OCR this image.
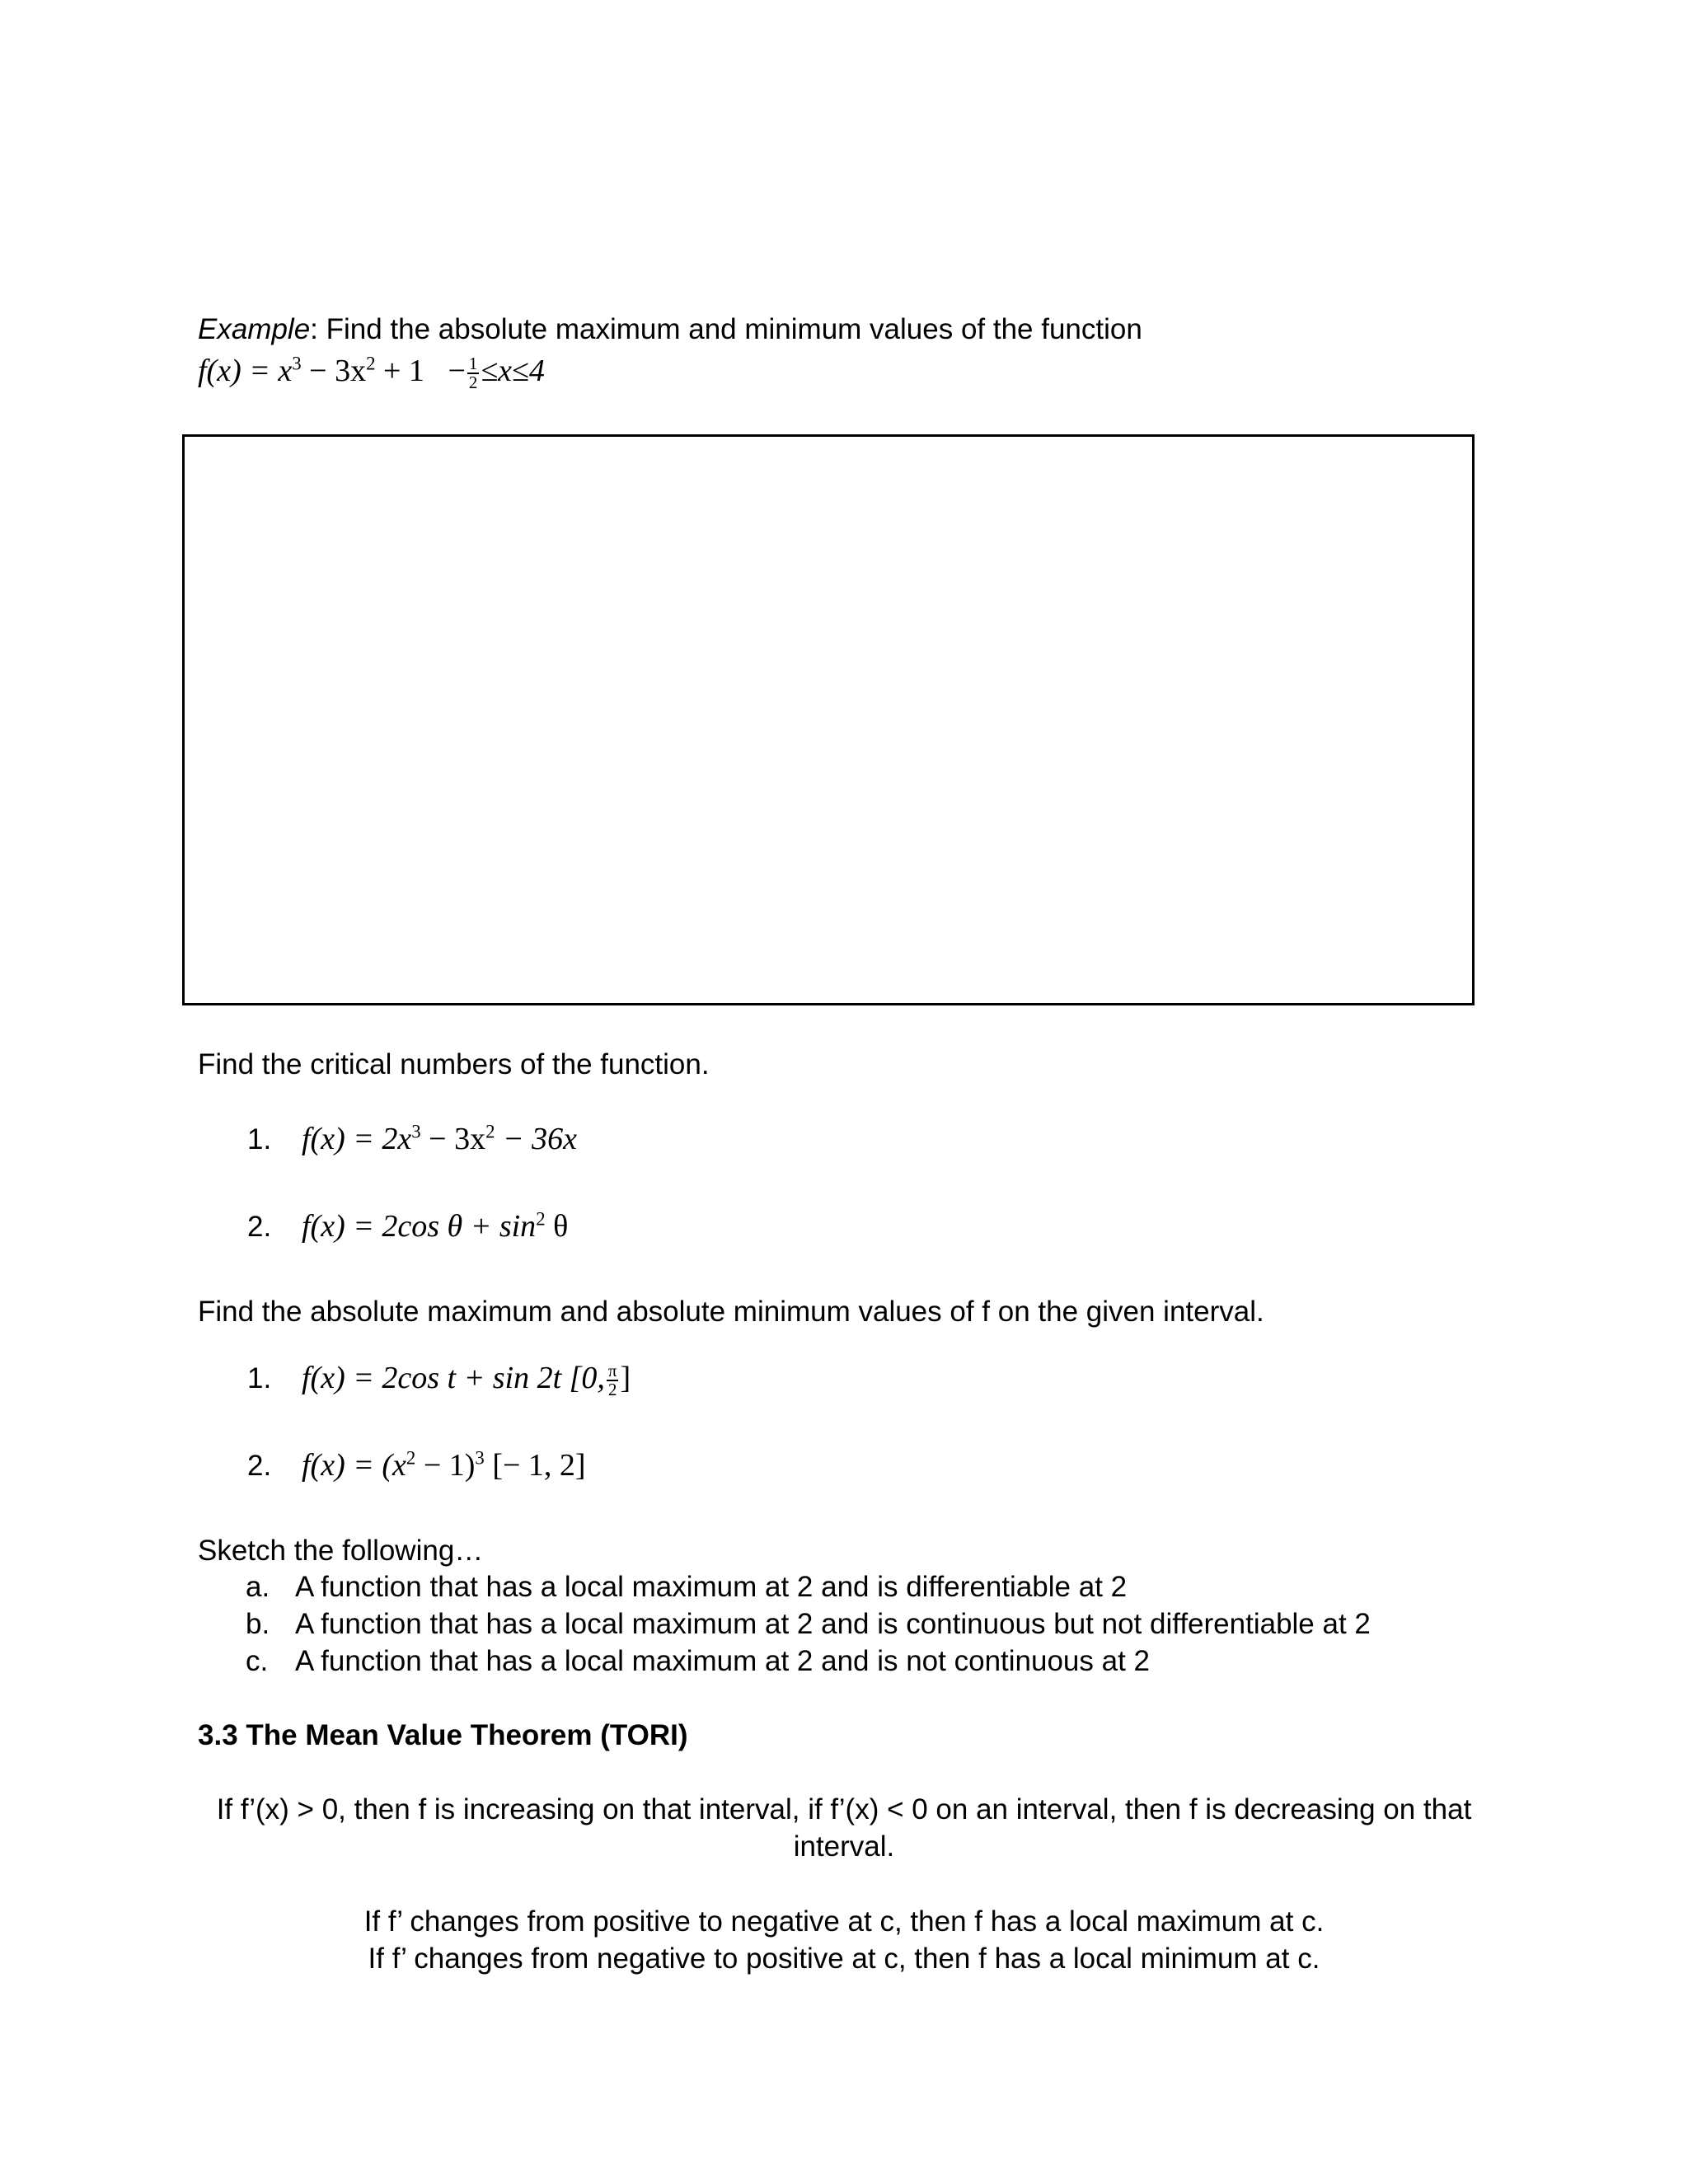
Example: Find the absolute maximum and minimum values of the function
$f(x) = x^3 - 3x^2 + 1 - \frac{1}{2} \le x\le 4$
Find the critical numbers of the function.
1. $f(x) = 2x^3 - 3x^2 - 36x$
2. f(x) = 2cos $\theta + \sin^2 \theta$
Find the absolute maximum and absolute minimum values of f on the given interval.
1. f(x) = 2cos t + sin 2t [0, $\frac{\pi}{2}$ ]
2. $f(x) = (x^2 - 1)^3$ [− 1, 2]
Sketch the following…
a. A function that has a local maximum at 2 and is differentiable at 2
b. A function that has a local maximum at 2 and is continuous but not differentiable at 2
c. A function that has a local maximum at 2 and is not continuous at 2
3.3 The Mean Value Theorem (TORI)
If f’(x) > 0, then f is increasing on that interval, if f’(x) < 0 on an interval, then f is decreasing on that
interval.
If f’ changes from positive to negative at c, then f has a local maximum at c.
If f’ changes from negative to positive at c, then f has a local minimum at c.
